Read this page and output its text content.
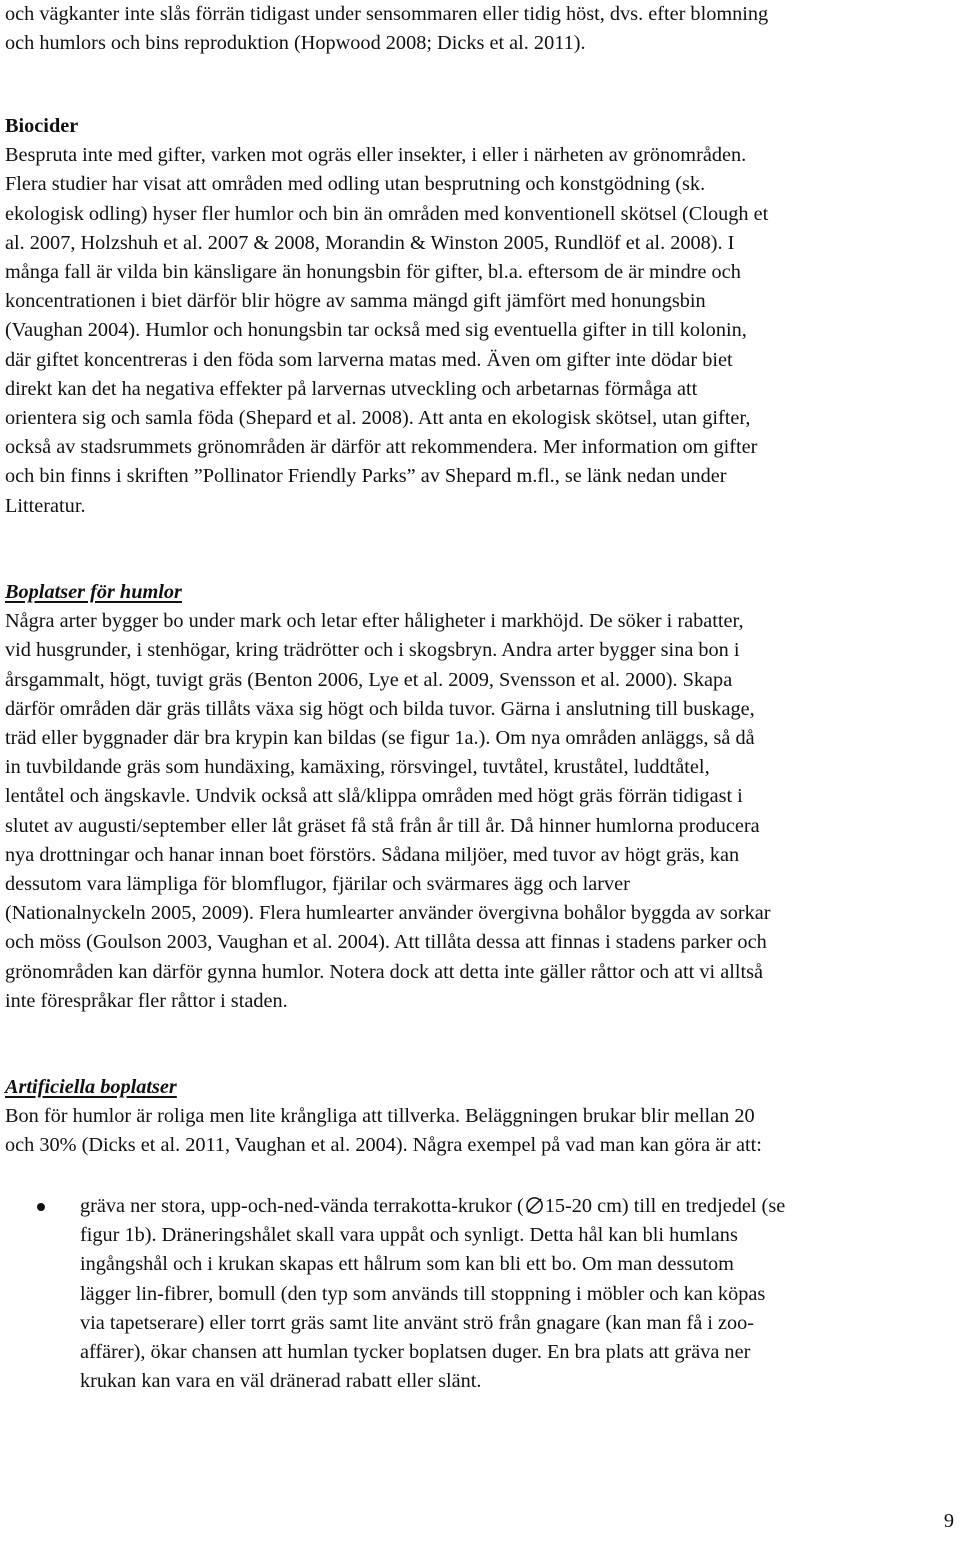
och vägkanter inte slås förrän tidigast under sensommaren eller tidig höst, dvs. efter blomning
och humlors och bins reproduktion (Hopwood 2008; Dicks et al. 2011).
Biocider
Bespruta inte med gifter, varken mot ogräs eller insekter, i eller i närheten av grönområden.
Flera studier har visat att områden med odling utan besprutning och konstgödning (sk.
ekologisk odling) hyser fler humlor och bin än områden med konventionell skötsel (Clough et
al. 2007, Holzshuh et al. 2007 & 2008, Morandin & Winston 2005, Rundlöf et al. 2008). I
många fall är vilda bin känsligare än honungsbin för gifter, bl.a. eftersom de är mindre och
koncentrationen i biet därför blir högre av samma mängd gift jämfört med honungsbin
(Vaughan 2004). Humlor och honungsbin tar också med sig eventuella gifter in till kolonin,
där giftet koncentreras i den föda som larverna matas med. Även om gifter inte dödar biet
direkt kan det ha negativa effekter på larvernas utveckling och arbetarnas förmåga att
orientera sig och samla föda (Shepard et al. 2008). Att anta en ekologisk skötsel, utan gifter,
också av stadsrummets grönområden är därför att rekommendera. Mer information om gifter
och bin finns i skriften ”Pollinator Friendly Parks” av Shepard m.fl., se länk nedan under
Litteratur.
Boplatser för humlor
Några arter bygger bo under mark och letar efter håligheter i markhöjd. De söker i rabatter,
vid husgrunder, i stenhögar, kring trädrötter och i skogsbryn. Andra arter bygger sina bon i
årsgammalt, högt, tuvigt gräs (Benton 2006, Lye et al. 2009, Svensson et al. 2000). Skapa
därför områden där gräs tillåts växa sig högt och bilda tuvor. Gärna i anslutning till buskage,
träd eller byggnader där bra krypin kan bildas (se figur 1a.). Om nya områden anläggs, så då
in tuvbildande gräs som hundäxing, kamäxing, rörsvingel, tuvtåtel, kruståtel, luddtåtel,
lentåtel och ängskavle. Undvik också att slå/klippa områden med högt gräs förrän tidigast i
slutet av augusti/september eller låt gräset få stå från år till år. Då hinner humlorna producera
nya drottningar och hanar innan boet förstörs. Sådana miljöer, med tuvor av högt gräs, kan
dessutom vara lämpliga för blomflugor, fjärilar och svärmares ägg och larver
(Nationalnyckeln 2005, 2009). Flera humlearter använder övergivna bohålor byggda av sorkar
och möss (Goulson 2003, Vaughan et al. 2004). Att tillåta dessa att finnas i stadens parker och
grönområden kan därför gynna humlor. Notera dock att detta inte gäller råttor och att vi alltså
inte förespråkar fler råttor i staden.
Artificiella boplatser
Bon för humlor är roliga men lite krångliga att tillverka. Beläggningen brukar blir mellan 20
och 30% (Dicks et al. 2011, Vaughan et al. 2004). Några exempel på vad man kan göra är att:
gräva ner stora, upp-och-ned-vända terrakotta-krukor ( 15-20 cm) till en tredjedel (se
figur 1b). Dräneringshålet skall vara uppåt och synligt. Detta hål kan bli humlans
ingångshål och i krukan skapas ett hålrum som kan bli ett bo. Om man dessutom
lägger lin-fibrer, bomull (den typ som används till stoppning i möbler och kan köpas
via tapetserare) eller torrt gräs samt lite använt strö från gnagare (kan man få i zoo-
affärer), ökar chansen att humlan tycker boplatsen duger. En bra plats att gräva ner
krukan kan vara en väl dränerad rabatt eller slänt.
9
